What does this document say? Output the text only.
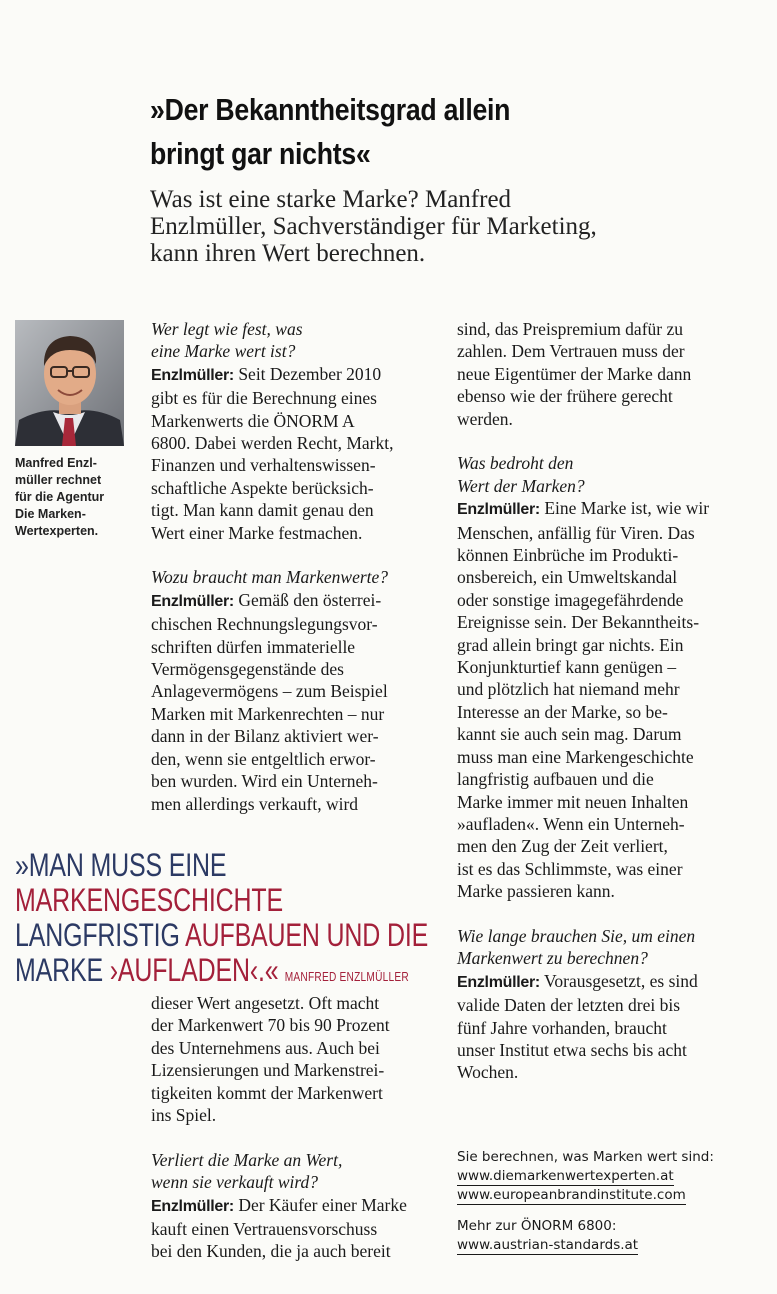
»Der Bekanntheitsgrad allein
bringt gar nichts«

Was ist eine starke Marke? Manfred
Enzlmüller, Sachverständiger für Marketing,
kann ihren Wert berechnen.

Manfred Enzl-
müller rechnet
für die Agentur
Die Marken-
Wertexperten.

Wer legt wie fest, was

eine Marke wert ist?

Enzlmüller: Seit Dezember 2010

gibt es für die Berechnung eines

Markenwerts die ÖNORM A

6800. Dabei werden Recht, Markt,

Finanzen und verhaltenswissen-

schaftliche Aspekte berücksich-

tigt. Man kann damit genau den

Wert einer Marke festmachen.

Wozu braucht man Markenwerte?

Enzlmüller: Gemäß den österrei-

chischen Rechnungslegungsvor-

schriften dürfen immaterielle

Vermögensgegenstände des

Anlagevermögens – zum Beispiel

Marken mit Markenrechten – nur

dann in der Bilanz aktiviert wer-

den, wenn sie entgeltlich erwor-

ben wurden. Wird ein Unterneh-

men allerdings verkauft, wird

»MAN MUSS EINE MARKENGESCHICHTE
LANGFRISTIG AUFBAUEN UND DIE
MARKE ›AUFLADEN‹.« MANFRED ENZLMÜLLER

dieser Wert angesetzt. Oft macht

der Markenwert 70 bis 90 Prozent

des Unternehmens aus. Auch bei

Lizensierungen und Markenstrei-

tigkeiten kommt der Markenwert

ins Spiel.

Verliert die Marke an Wert,

wenn sie verkauft wird?

Enzlmüller: Der Käufer einer Marke

kauft einen Vertrauensvorschuss

bei den Kunden, die ja auch bereit

sind, das Preispremium dafür zu

zahlen. Dem Vertrauen muss der

neue Eigentümer der Marke dann

ebenso wie der frühere gerecht

werden.

Was bedroht den

Wert der Marken?

Enzlmüller: Eine Marke ist, wie wir

Menschen, anfällig für Viren. Das

können Einbrüche im Produkti-

onsbereich, ein Umweltskandal

oder sonstige imagegefährdende

Ereignisse sein. Der Bekanntheits-

grad allein bringt gar nichts. Ein

Konjunkturtief kann genügen –

und plötzlich hat niemand mehr

Interesse an der Marke, so be-

kannt sie auch sein mag. Darum

muss man eine Markengeschichte

langfristig aufbauen und die

Marke immer mit neuen Inhalten

»aufladen«. Wenn ein Unterneh-

men den Zug der Zeit verliert,

ist es das Schlimmste, was einer

Marke passieren kann.

Wie lange brauchen Sie, um einen

Markenwert zu berechnen?

Enzlmüller: Vorausgesetzt, es sind

valide Daten der letzten drei bis

fünf Jahre vorhanden, braucht

unser Institut etwa sechs bis acht

Wochen.

Sie berechnen, was Marken wert sind:

www.diemarkenwertexperten.at
www.europeanbrandinstitute.com

Mehr zur ÖNORM 6800:

www.austrian-standards.at
